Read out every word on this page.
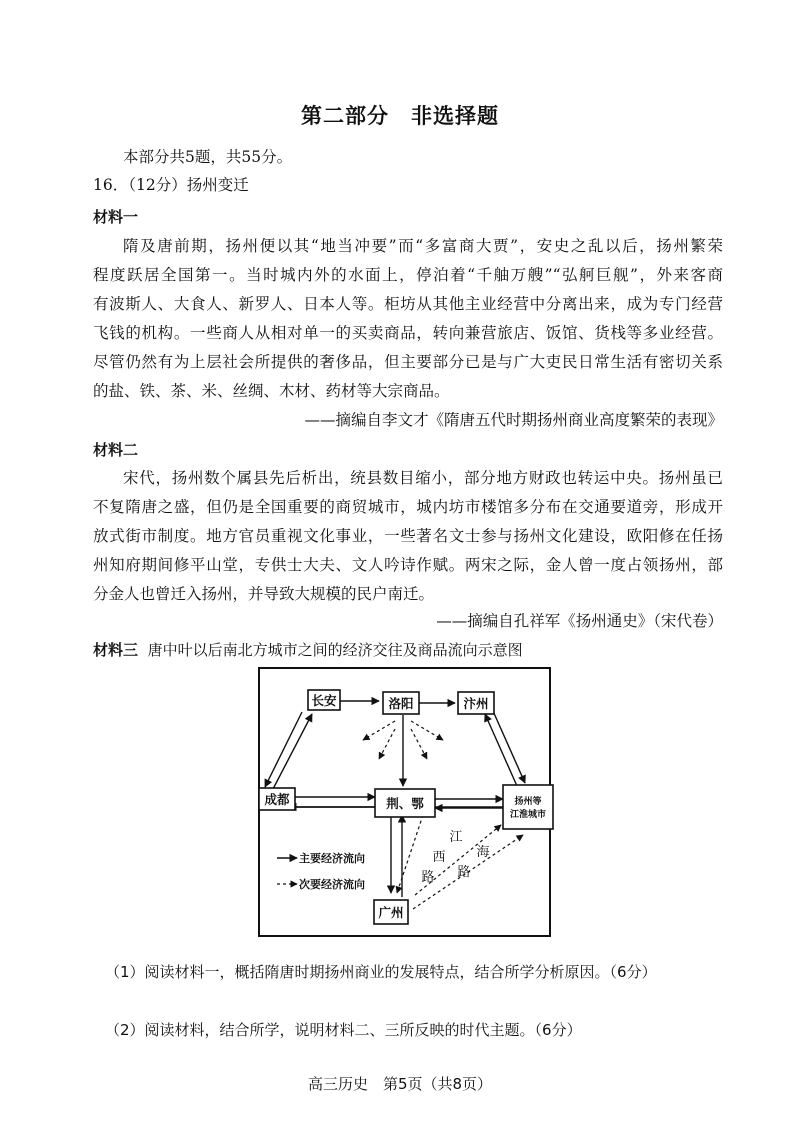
第二部分　非选择题
本部分共5题，共55分。
16．（12分）扬州变迁
材料一
隋及唐前期，扬州便以其“地当冲要”而“多富商大贾”，安史之乱以后，扬州繁荣
程度跃居全国第一。当时城内外的水面上，停泊着“千舳万艘”“弘舸巨舰”，外来客商
有波斯人、大食人、新罗人、日本人等。柜坊从其他主业经营中分离出来，成为专门经营
飞钱的机构。一些商人从相对单一的买卖商品，转向兼营旅店、饭馆、货栈等多业经营。
尽管仍然有为上层社会所提供的奢侈品，但主要部分已是与广大吏民日常生活有密切关系
的盐、铁、茶、米、丝绸、木材、药材等大宗商品。
——摘编自李文才《隋唐五代时期扬州商业高度繁荣的表现》
材料二
宋代，扬州数个属县先后析出，统县数目缩小，部分地方财政也转运中央。扬州虽已
不复隋唐之盛，但仍是全国重要的商贸城市，城内坊市楼馆多分布在交通要道旁，形成开
放式街市制度。地方官员重视文化事业，一些著名文士参与扬州文化建设，欧阳修在任扬
州知府期间修平山堂，专供士大夫、文人吟诗作赋。两宋之际，金人曾一度占领扬州，部
分金人也曾迁入扬州，并导致大规模的民户南迁。
——摘编自孔祥军《扬州通史》（宋代卷）
材料三 唐中叶以后南北方城市之间的经济交往及商品流向示意图
长安	洛阳	汴州
成都	荆、鄂
广州
扬州等
江淮城市
江
西
路 路
海
主要经济流向
次要经济流向
（1）阅读材料一，概括隋唐时期扬州商业的发展特点，结合所学分析原因。（6分）
（2）阅读材料，结合所学，说明材料二、三所反映的时代主题。（6分）
高三历史　第5页（共8页）
